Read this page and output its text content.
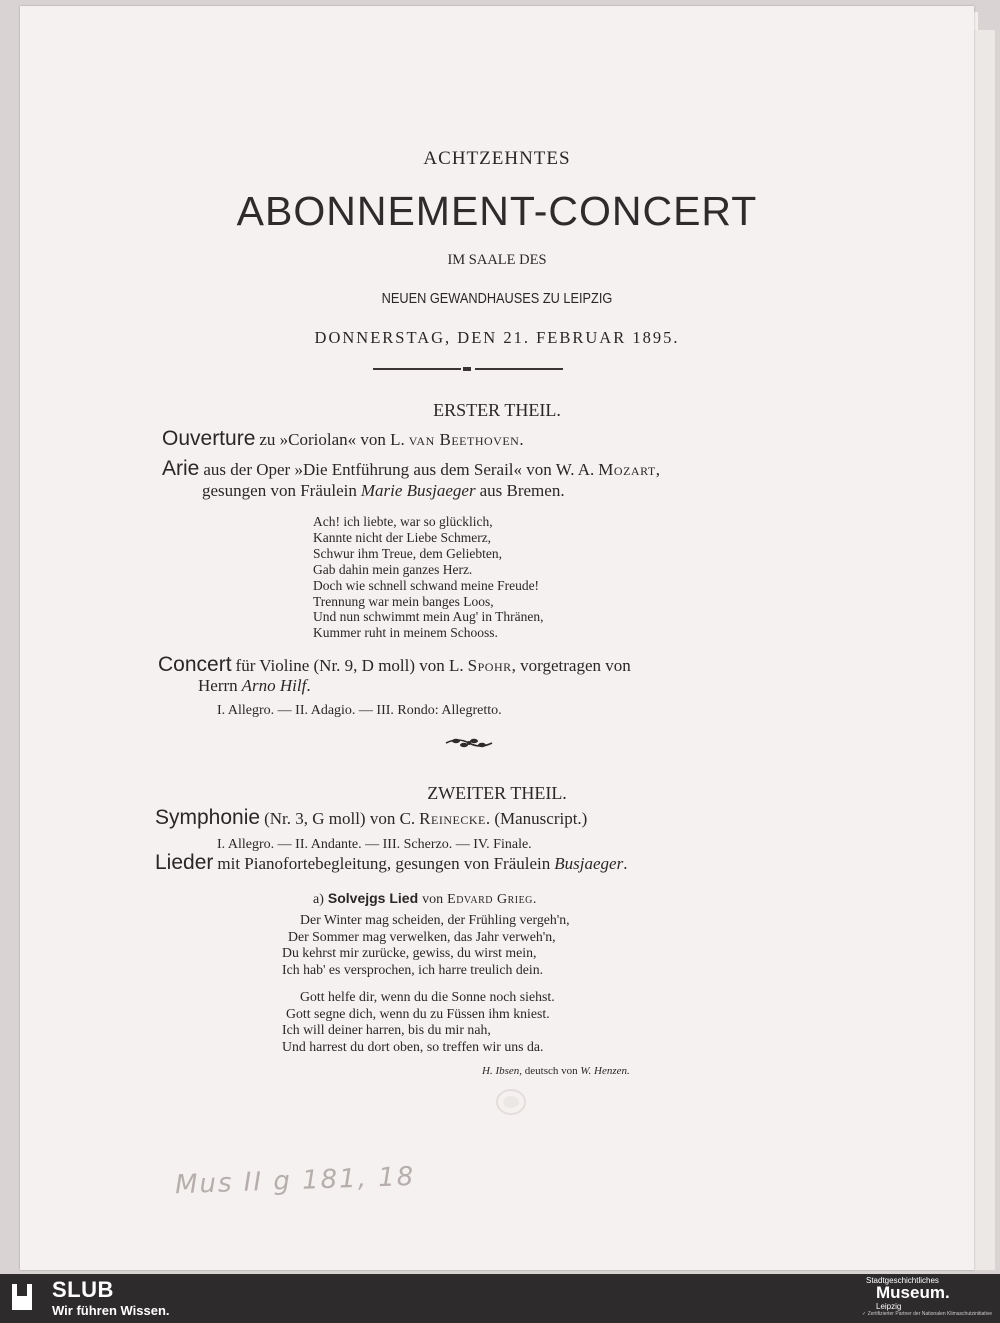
ACHTZEHNTES
ABONNEMENT-CONCERT
IM SAALE DES
NEUEN GEWANDHAUSES ZU LEIPZIG
DONNERSTAG, DEN 21. FEBRUAR 1895.
ERSTER THEIL.
Ouverture zu »Coriolan« von L. van Beethoven.
Arie aus der Oper »Die Entführung aus dem Serail« von W. A. Mozart,
gesungen von Fräulein Marie Busjaeger aus Bremen.
Ach! ich liebte, war so glücklich,
Kannte nicht der Liebe Schmerz,
Schwur ihm Treue, dem Geliebten,
Gab dahin mein ganzes Herz.
Doch wie schnell schwand meine Freude!
Trennung war mein banges Loos,
Und nun schwimmt mein Aug' in Thränen,
Kummer ruht in meinem Schooss.
Concert für Violine (Nr. 9, D moll) von L. Spohr, vorgetragen von
Herrn Arno Hilf.
I. Allegro. — II. Adagio. — III. Rondo: Allegretto.
ZWEITER THEIL.
Symphonie (Nr. 3, G moll) von C. Reinecke. (Manuscript.)
I. Allegro. — II. Andante. — III. Scherzo. — IV. Finale.
Lieder mit Pianofortebegleitung, gesungen von Fräulein Busjaeger.
a) Solvejgs Lied von Edvard Grieg.
Der Winter mag scheiden, der Frühling vergeh'n,
Der Sommer mag verwelken, das Jahr verweh'n,
Du kehrst mir zurücke, gewiss, du wirst mein,
Ich hab' es versprochen, ich harre treulich dein.
Gott helfe dir, wenn du die Sonne noch siehst.
Gott segne dich, wenn du zu Füssen ihm kniest.
Ich will deiner harren, bis du mir nah,
Und harrest du dort oben, so treffen wir uns da.
H. Ibsen, deutsch von W. Henzen.
Mus II g 181, 18
SLUB
Wir führen Wissen.
Stadtgeschichtliches
Museum.
Leipzig
✓ Zertifizierter Partner der Nationalen Klimaschutzinitiative
